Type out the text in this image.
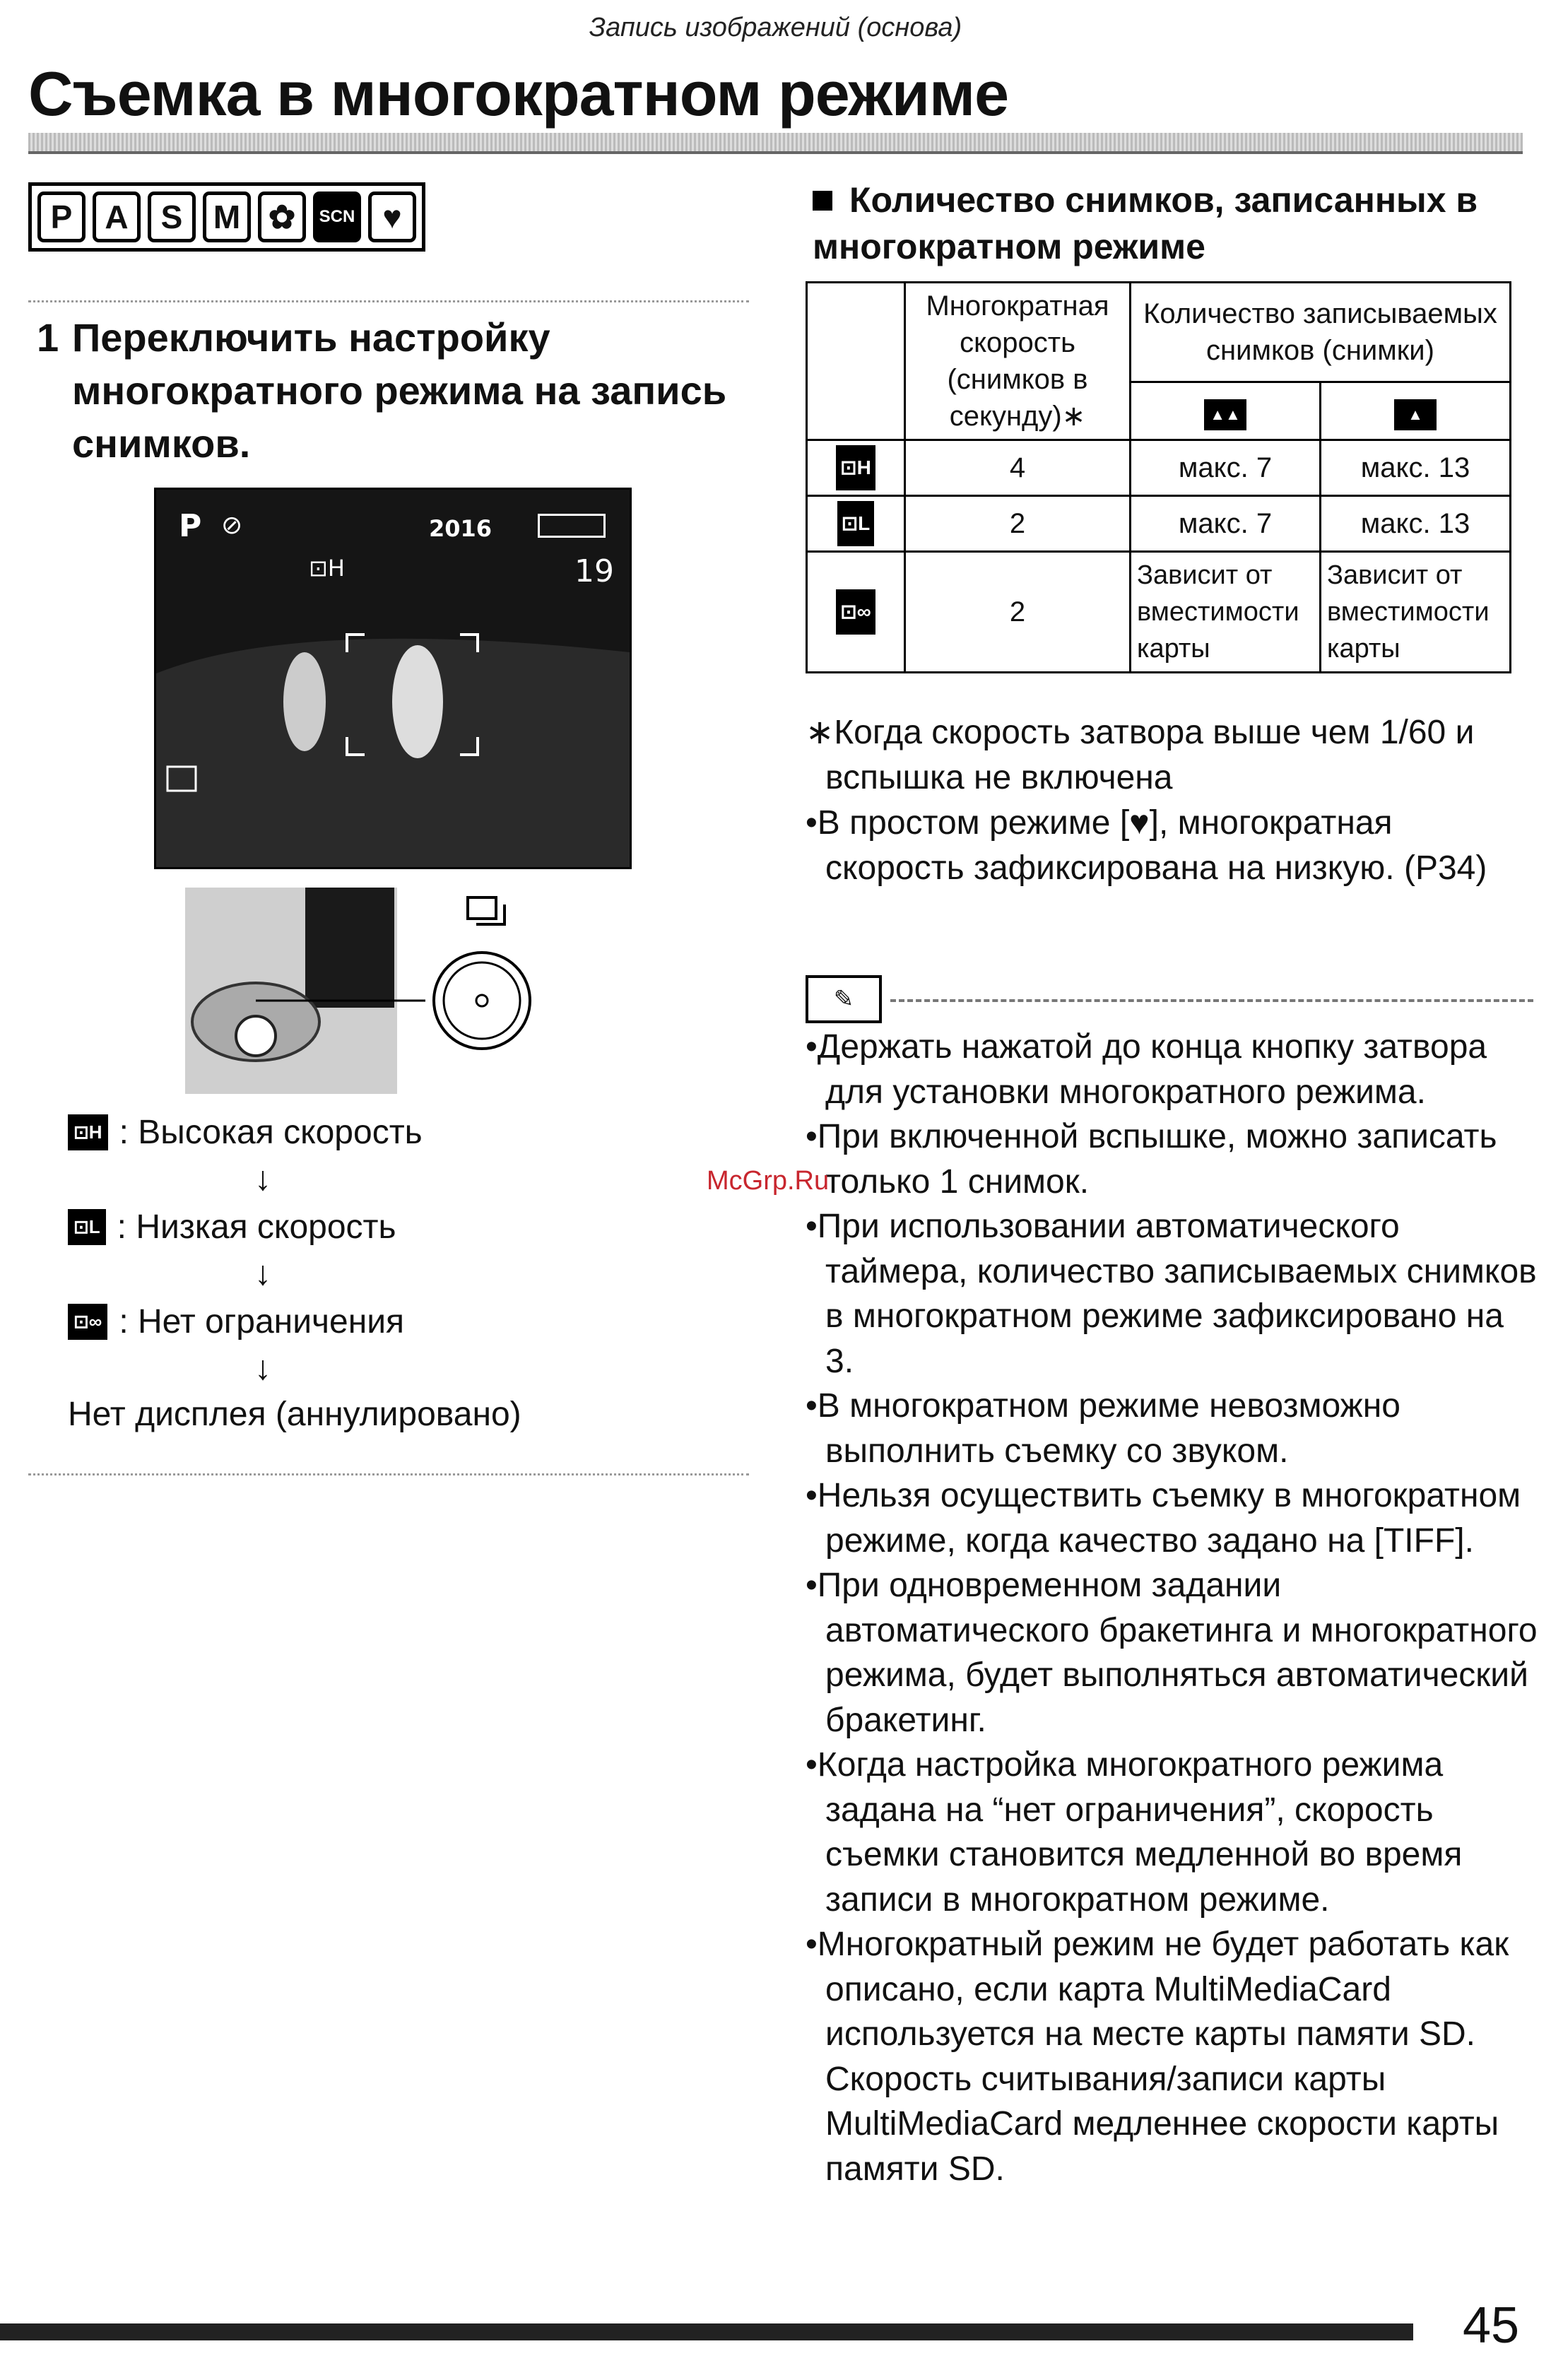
Запись изображений (основа)
Съемка в многократном режиме
P	A	S M ✿	SCN ♥
1 Переключить настройку многократного режима на запись снимков.
P ⊘	2016
⊡H	19
⊡H : Высокая скорость
↓
⊡L : Низкая скорость
↓
⊡∞ : Нет ограничения
↓
Нет дисплея (аннулировано)
Количество снимков, записанных в многократном режиме
	Многократная скорость (снимков в секунду)∗	Количество записываемых снимков (снимки)	
		▲▲	▲
⊡H	4	макс. 7	макс. 13
⊡L	2	макс. 7	макс. 13
⊡∞	2	Зависит от вместимости карты	Зависит от вместимости карты

∗Когда скорость затвора выше чем 1/60 и вспышка не включена

•В простом режиме [♥], многократная скорость зафиксирована на низкую. (P34)

✎

•Держать нажатой до конца кнопку затвора для установки многократного режима.

•При включенной вспышке, можно записать только 1 снимок.

•При использовании автоматического таймера, количество записываемых снимков в многократном режиме зафиксировано на 3.

•В многократном режиме невозможно выполнить съемку со звуком.

•Нельзя осуществить съемку в многократном режиме, когда качество задано на [TIFF].

•При одновременном задании автоматического бракетинга и многократного режима, будет выполняться автоматический бракетинг.

•Когда настройка многократного режима задана на “нет ограничения”, скорость съемки становится медленной во время записи в многократном режиме.

•Многократный режим не будет работать как описано, если карта MultiMediaCard используется на месте карты памяти SD. Скорость считывания/записи карты MultiMediaCard медленнее скорости карты памяти SD.

McGrp.Ru
45
